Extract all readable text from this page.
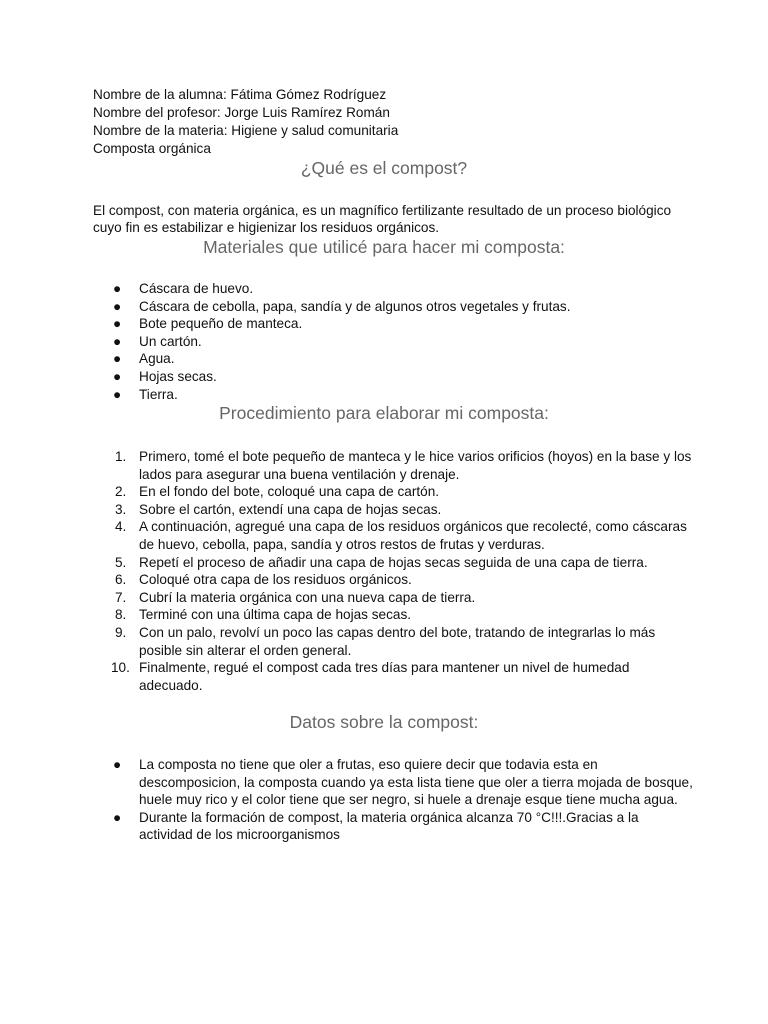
Nombre de la alumna: Fátima Gómez Rodríguez
Nombre del profesor: Jorge Luis Ramírez Román
Nombre de la materia: Higiene y salud comunitaria
Composta orgánica
¿Qué es el compost?
El compost, con materia orgánica, es un magnífico fertilizante resultado de un proceso biológico cuyo fin es estabilizar e higienizar los residuos orgánicos.
Materiales que utilicé para hacer mi composta:
● Cáscara de huevo.
● Cáscara de cebolla, papa, sandía y de algunos otros vegetales y frutas.
● Bote pequeño de manteca.
● Un cartón.
● Agua.
● Hojas secas.
● Tierra.
Procedimiento para elaborar mi composta:
1. Primero, tomé el bote pequeño de manteca y le hice varios orificios (hoyos) en la base y los lados para asegurar una buena ventilación y drenaje.
2. En el fondo del bote, coloqué una capa de cartón.
3. Sobre el cartón, extendí una capa de hojas secas.
4. A continuación, agregué una capa de los residuos orgánicos que recolecté, como cáscaras de huevo, cebolla, papa, sandía y otros restos de frutas y verduras.
5. Repetí el proceso de añadir una capa de hojas secas seguida de una capa de tierra.
6. Coloqué otra capa de los residuos orgánicos.
7. Cubrí la materia orgánica con una nueva capa de tierra.
8. Terminé con una última capa de hojas secas.
9. Con un palo, revolví un poco las capas dentro del bote, tratando de integrarlas lo más posible sin alterar el orden general.
10. Finalmente, regué el compost cada tres días para mantener un nivel de humedad adecuado.
Datos sobre la compost:
● La composta no tiene que oler a frutas, eso quiere decir que todavia esta en descomposicion, la composta cuando ya esta lista tiene que oler a tierra mojada de bosque, huele muy rico y el color tiene que ser negro, si huele a drenaje esque tiene mucha agua.
● Durante la formación de compost, la materia orgánica alcanza 70 °C!!!.Gracias a la actividad de los microorganismos
